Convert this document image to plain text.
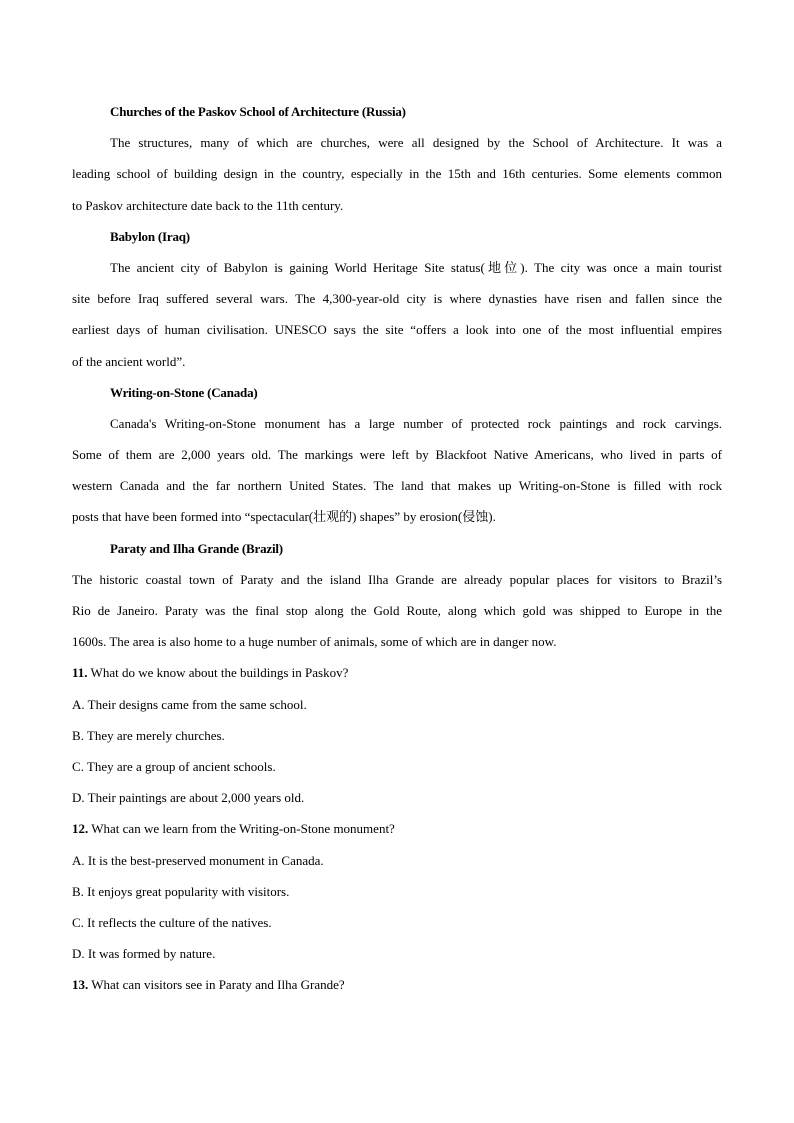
Churches of the Paskov School of Architecture (Russia)
The structures, many of which are churches, were all designed by the School of Architecture. It was a
leading school of building design in the country, especially in the 15th and 16th centuries. Some elements common
to Paskov architecture date back to the 11th century.
Babylon (Iraq)
The ancient city of Babylon is gaining World Heritage Site status(地位). The city was once a main tourist
site before Iraq suffered several wars. The 4,300-year-old city is where dynasties have risen and fallen since the
earliest days of human civilisation. UNESCO says the site “offers a look into one of the most influential empires
of the ancient world”.
Writing-on-Stone (Canada)
Canada's Writing-on-Stone monument has a large number of protected rock paintings and rock carvings.
Some of them are 2,000 years old. The markings were left by Blackfoot Native Americans, who lived in parts of
western Canada and the far northern United States. The land that makes up Writing-on-Stone is filled with rock
posts that have been formed into “spectacular(壮观的) shapes” by erosion(侵蚀).
Paraty and Ilha Grande (Brazil)
The historic coastal town of Paraty and the island Ilha Grande are already popular places for visitors to Brazil’s
Rio de Janeiro. Paraty was the final stop along the Gold Route, along which gold was shipped to Europe in the
1600s. The area is also home to a huge number of animals, some of which are in danger now.
11. What do we know about the buildings in Paskov?
A. Their designs came from the same school.
B. They are merely churches.
C. They are a group of ancient schools.
D. Their paintings are about 2,000 years old.
12. What can we learn from the Writing-on-Stone monument?
A. It is the best-preserved monument in Canada.
B. It enjoys great popularity with visitors.
C. It reflects the culture of the natives.
D. It was formed by nature.
13. What can visitors see in Paraty and Ilha Grande?
